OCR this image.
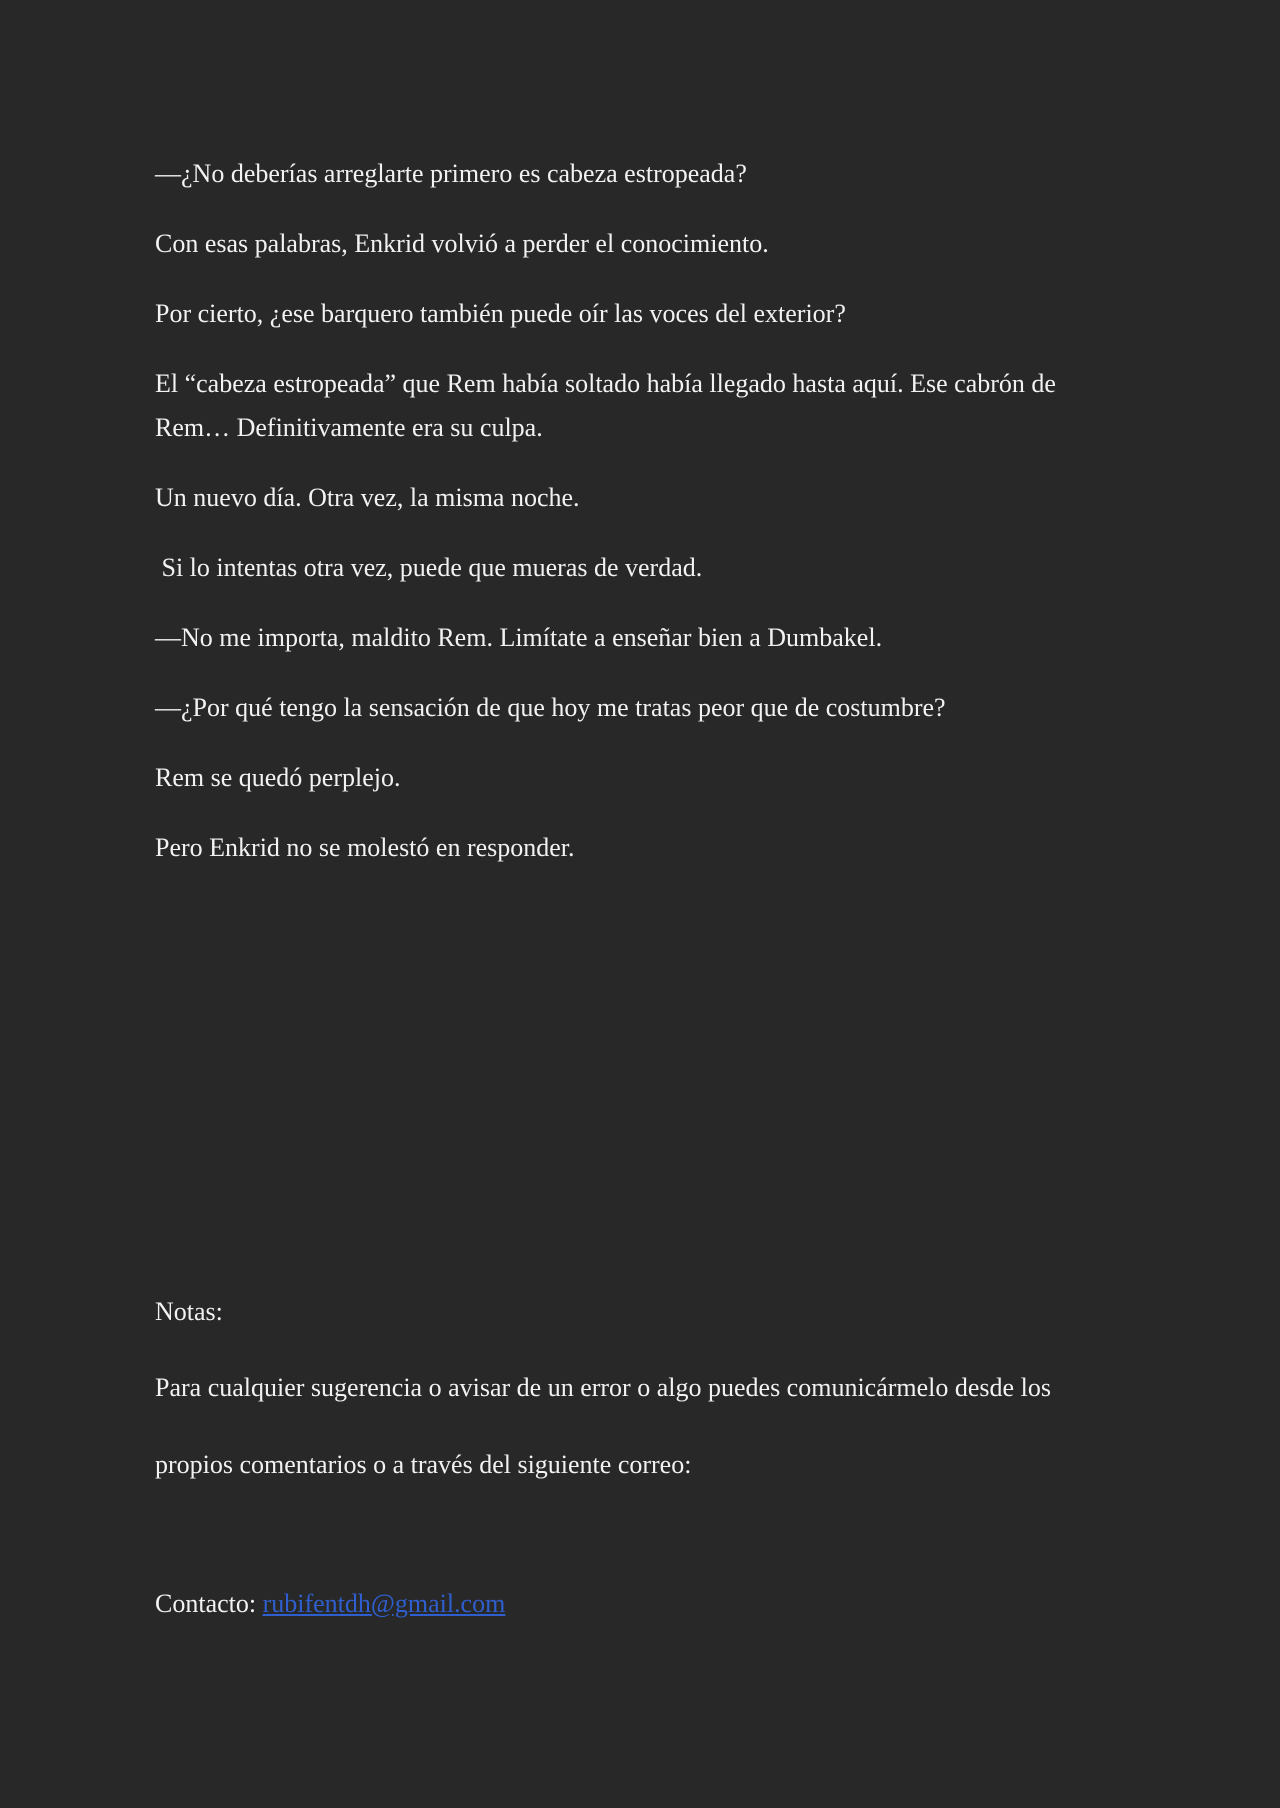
—¿No deberías arreglarte primero es cabeza estropeada?

Con esas palabras, Enkrid volvió a perder el conocimiento.

Por cierto, ¿ese barquero también puede oír las voces del exterior?

El “cabeza estropeada” que Rem había soltado había llegado hasta aquí. Ese cabrón de Rem… Definitivamente era su culpa.

Un nuevo día. Otra vez, la misma noche.

Si lo intentas otra vez, puede que mueras de verdad.

—No me importa, maldito Rem. Limítate a enseñar bien a Dumbakel.

—¿Por qué tengo la sensación de que hoy me tratas peor que de costumbre?

Rem se quedó perplejo.

Pero Enkrid no se molestó en responder.

Notas:

Para cualquier sugerencia o avisar de un error o algo puedes comunicármelo desde los

propios comentarios o a través del siguiente correo:

Contacto: rubifentdh@gmail.com
